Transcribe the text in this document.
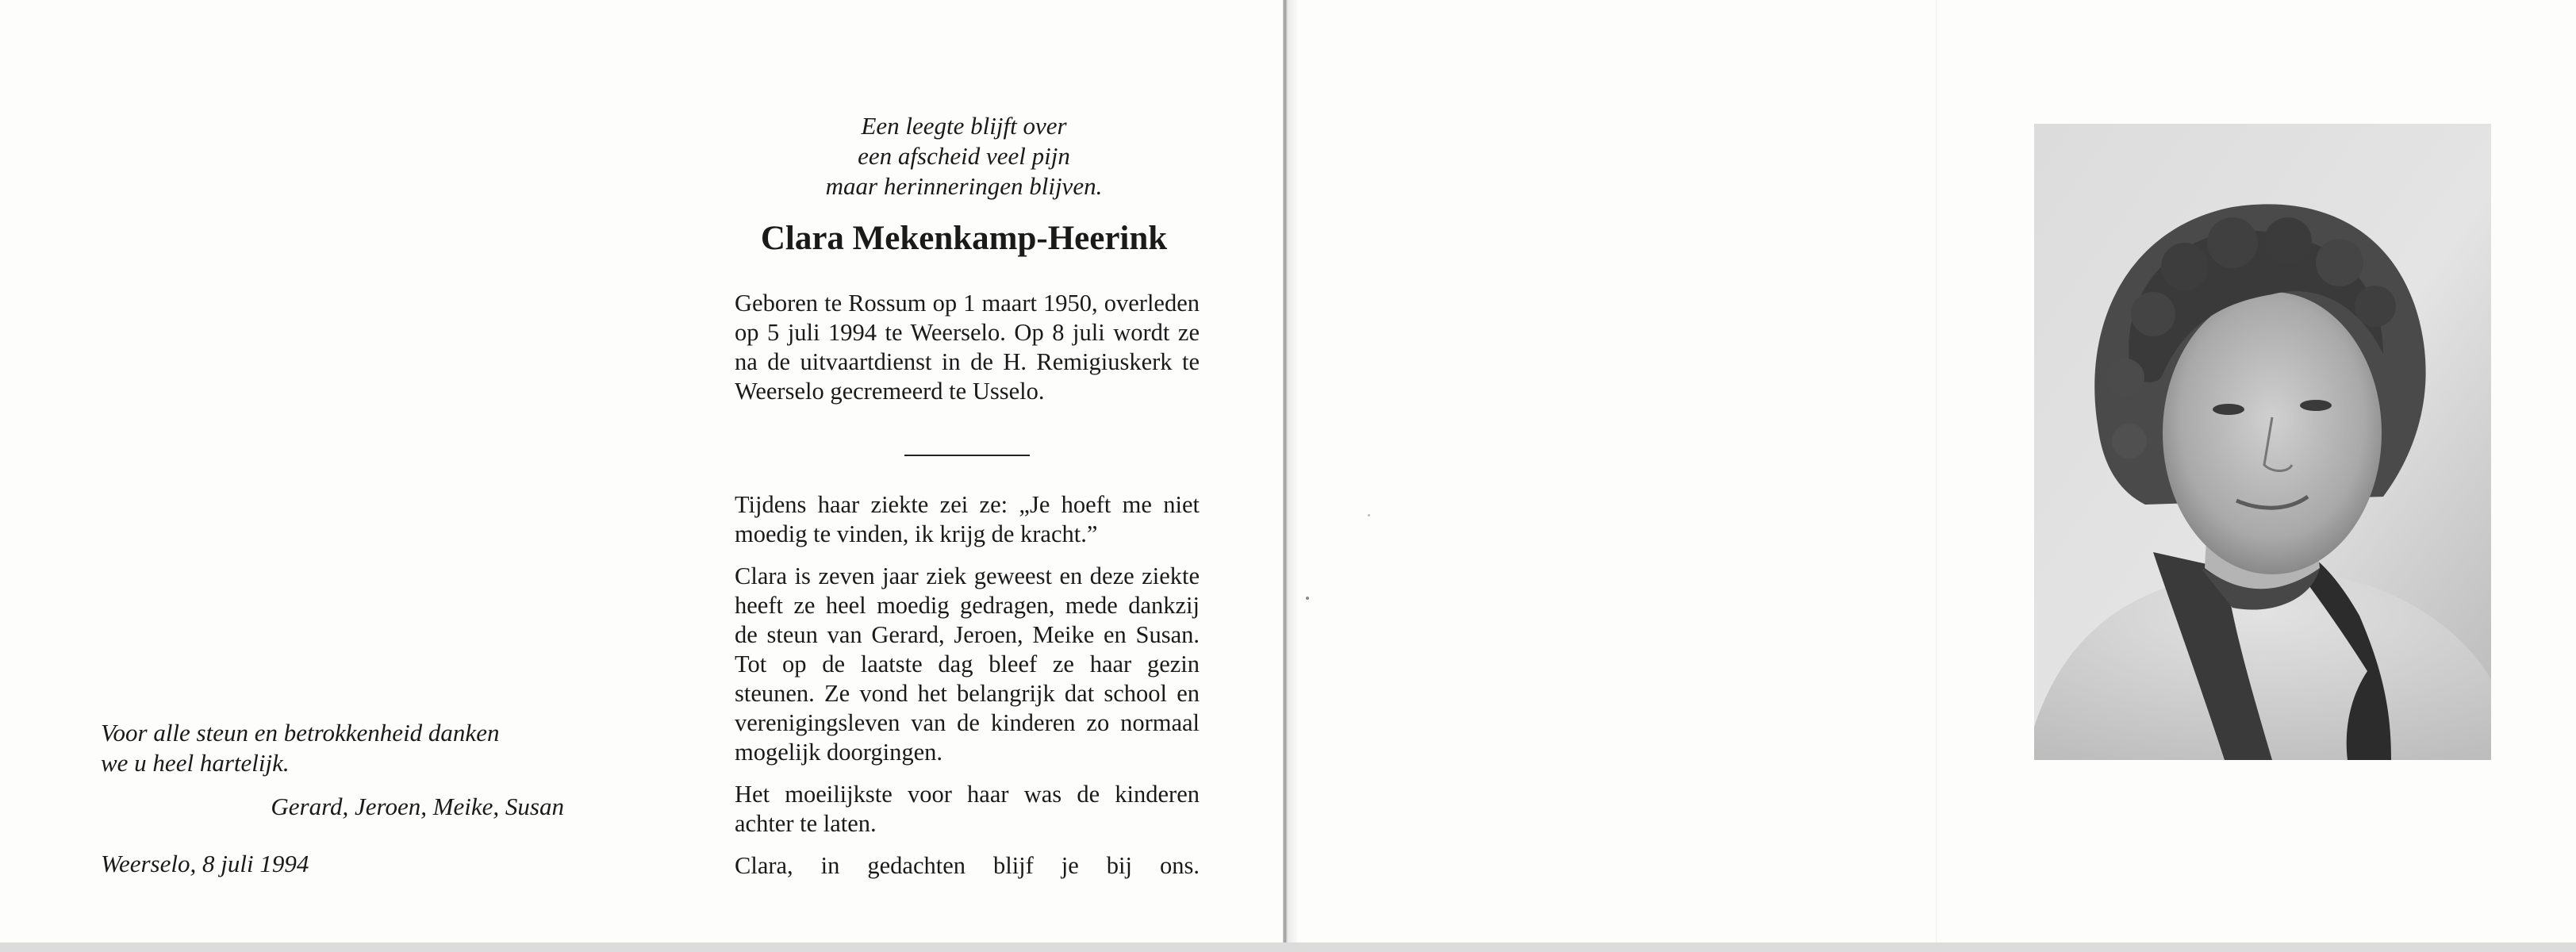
Een leegte blijft over
een afscheid veel pijn
maar herinneringen blijven.
Clara Mekenkamp-Heerink
Geboren te Rossum op 1 maart 1950, overleden op 5 juli 1994 te Weerselo. Op 8 juli wordt ze na de uitvaartdienst in de H. Remigiuskerk te Weerselo gecremeerd te Usselo.

Tijdens haar ziekte zei ze: „Je hoeft me niet moedig te vinden, ik krijg de kracht.”

Clara is zeven jaar ziek geweest en deze ziekte heeft ze heel moedig gedragen, mede dankzij de steun van Gerard, Jeroen, Meike en Susan. Tot op de laatste dag bleef ze haar gezin steunen. Ze vond het belangrijk dat school en verenigingsleven van de kinderen zo normaal mogelijk doorgingen.

Het moeilijkste voor haar was de kinderen achter te laten.

Clara, in gedachten blijf je bij ons.

Voor alle steun en betrokkenheid danken
we u heel hartelijk.
Gerard, Jeroen, Meike, Susan
Weerselo, 8 juli 1994
